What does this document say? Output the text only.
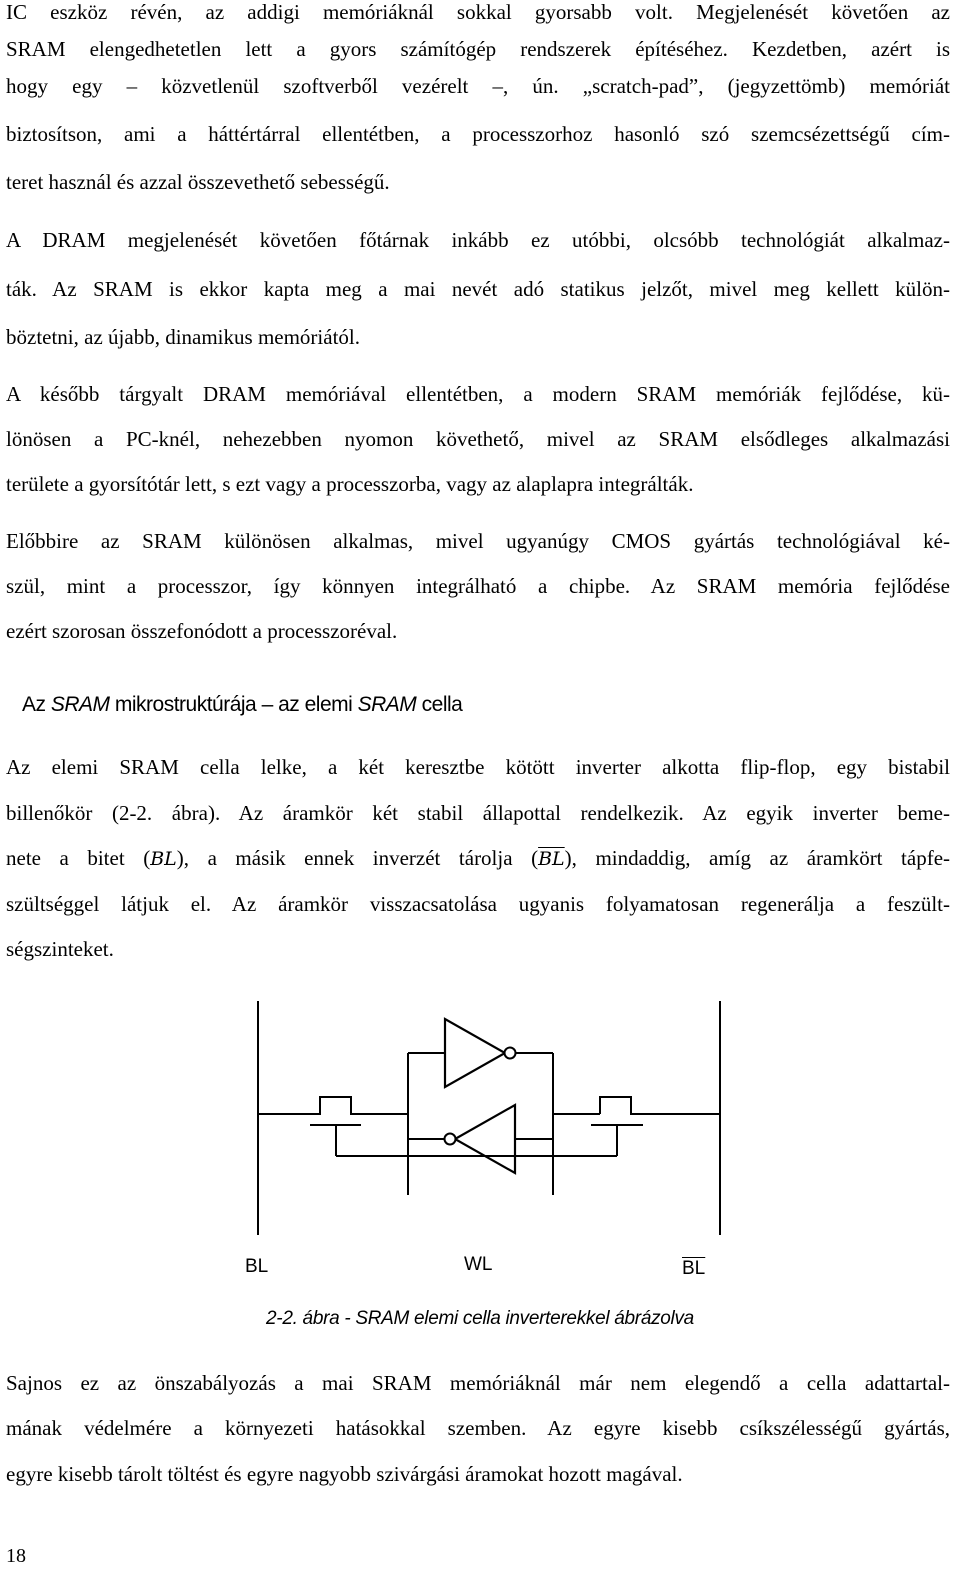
IC eszköz révén, az addigi memóriáknál sokkal gyorsabb volt. Megjelenését követően az
SRAM elengedhetetlen lett a gyors számítógép rendszerek építéséhez. Kezdetben, azért is
hogy egy – közvetlenül szoftverből vezérelt –, ún. „scratch-pad”, (jegyzettömb) memóriát
biztosítson, ami a háttértárral ellentétben, a processzorhoz hasonló szó szemcsézettségű cím-
teret használ és azzal összevethető sebességű.
A DRAM megjelenését követően főtárnak inkább ez utóbbi, olcsóbb technológiát alkalmaz-
ták. Az SRAM is ekkor kapta meg a mai nevét adó statikus jelzőt, mivel meg kellett külön-
böztetni, az újabb, dinamikus memóriától.
A később tárgyalt DRAM memóriával ellentétben, a modern SRAM memóriák fejlődése, kü-
lönösen a PC-knél, nehezebben nyomon követhető, mivel az SRAM elsődleges alkalmazási
területe a gyorsítótár lett, s ezt vagy a processzorba, vagy az alaplapra integrálták.
Előbbire az SRAM különösen alkalmas, mivel ugyanúgy CMOS gyártás technológiával ké-
szül, mint a processzor, így könnyen integrálható a chipbe. Az SRAM memória fejlődése
ezért szorosan összefonódott a processzoréval.
Az SRAM mikrostruktúrája – az elemi SRAM cella
Az elemi SRAM cella lelke, a két keresztbe kötött inverter alkotta flip-flop, egy bistabil
billenőkör (2-2. ábra). Az áramkör két stabil állapottal rendelkezik. Az egyik inverter beme-
nete a bitet (BL), a másik ennek inverzét tárolja $(\overline{BL})$, mindaddig, amíg az áramkört tápfe-
szültséggel látjuk el. Az áramkör visszacsatolása ugyanis folyamatosan regenerálja a feszült-
ségszinteket.
BL	WL	$\overline{BL}$

2-2. ábra - SRAM elemi cella inverterekkel ábrázolva

Sajnos ez az önszabályozás a mai SRAM memóriáknál már nem elegendő a cella adattartal-
mának védelmére a környezeti hatásokkal szemben. Az egyre kisebb csíkszélességű gyártás,
egyre kisebb tárolt töltést és egyre nagyobb szivárgási áramokat hozott magával.
18
